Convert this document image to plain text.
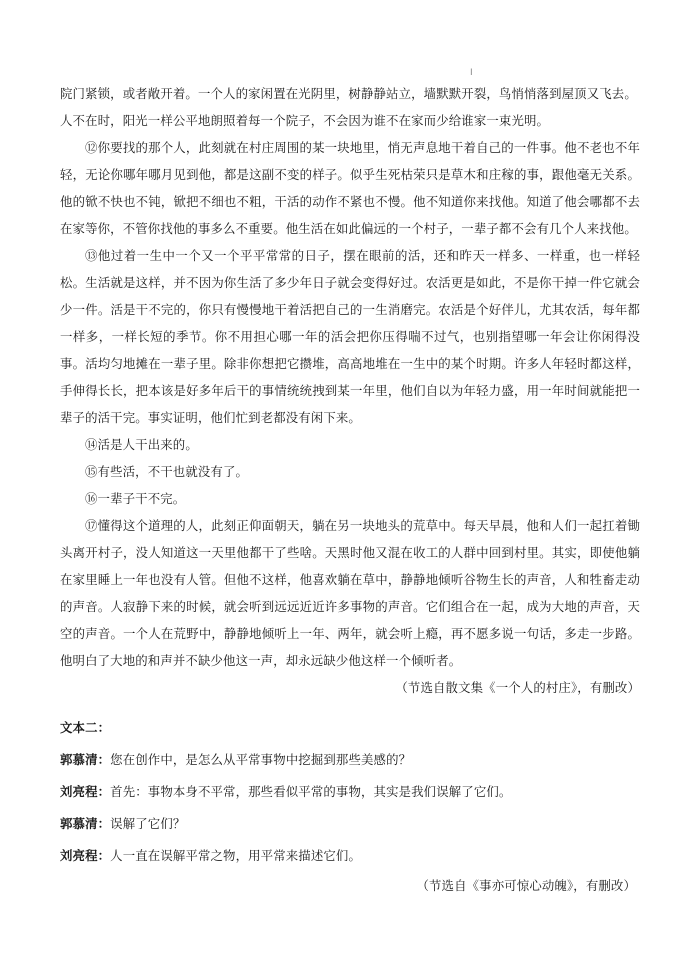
I

院门紧锁，或者敞开着。一个人的家闲置在光阴里，树静静站立，墙默默开裂，鸟悄悄落到屋顶又飞去。

人不在时，阳光一样公平地朗照着每一个院子，不会因为谁不在家而少给谁家一束光明。

⑫你要找的那个人，此刻就在村庄周围的某一块地里，悄无声息地干着自己的一件事。他不老也不年轻，无论你哪年哪月见到他，都是这副不变的样子。似乎生死枯荣只是草木和庄稼的事，跟他毫无关系。他的锨不快也不钝，锨把不细也不粗，干活的动作不紧也不慢。他不知道你来找他。知道了他会哪都不去在家等你，不管你找他的事多么不重要。他生活在如此偏远的一个村子，一辈子都不会有几个人来找他。

⑬他过着一生中一个又一个平平常常的日子，摆在眼前的活，还和昨天一样多、一样重，也一样轻松。生活就是这样，并不因为你生活了多少年日子就会变得好过。农活更是如此，不是你干掉一件它就会少一件。活是干不完的，你只有慢慢地干着活把自己的一生消磨完。农活是个好伴儿，尤其农活，每年都一样多，一样长短的季节。你不用担心哪一年的活会把你压得喘不过气，也别指望哪一年会让你闲得没事。活均匀地摊在一辈子里。除非你想把它攒堆，高高地堆在一生中的某个时期。许多人年轻时都这样，手伸得长长，把本该是好多年后干的事情统统拽到某一年里，他们自以为年轻力盛，用一年时间就能把一辈子的活干完。事实证明，他们忙到老都没有闲下来。

⑭活是人干出来的。

⑮有些活，不干也就没有了。

⑯一辈子干不完。

⑰懂得这个道理的人，此刻正仰面朝天，躺在另一块地头的荒草中。每天早晨，他和人们一起扛着锄头离开村子，没人知道这一天里他都干了些啥。天黑时他又混在收工的人群中回到村里。其实，即使他躺在家里睡上一年也没有人管。但他不这样，他喜欢躺在草中，静静地倾听谷物生长的声音，人和牲畜走动的声音。人寂静下来的时候，就会听到远远近近许多事物的声音。它们组合在一起，成为大地的声音，天空的声音。一个人在荒野中，静静地倾听上一年、两年，就会听上瘾，再不愿多说一句话，多走一步路。他明白了大地的和声并不缺少他这一声，却永远缺少他这样一个倾听者。

（节选自散文集《一个人的村庄》，有删改）

文本二：

郭慕清：您在创作中，是怎么从平常事物中挖掘到那些美感的？

刘亮程：首先：事物本身不平常，那些看似平常的事物，其实是我们误解了它们。

郭慕清：误解了它们？

刘亮程：人一直在误解平常之物，用平常来描述它们。

（节选自《事亦可惊心动魄》，有删改）
